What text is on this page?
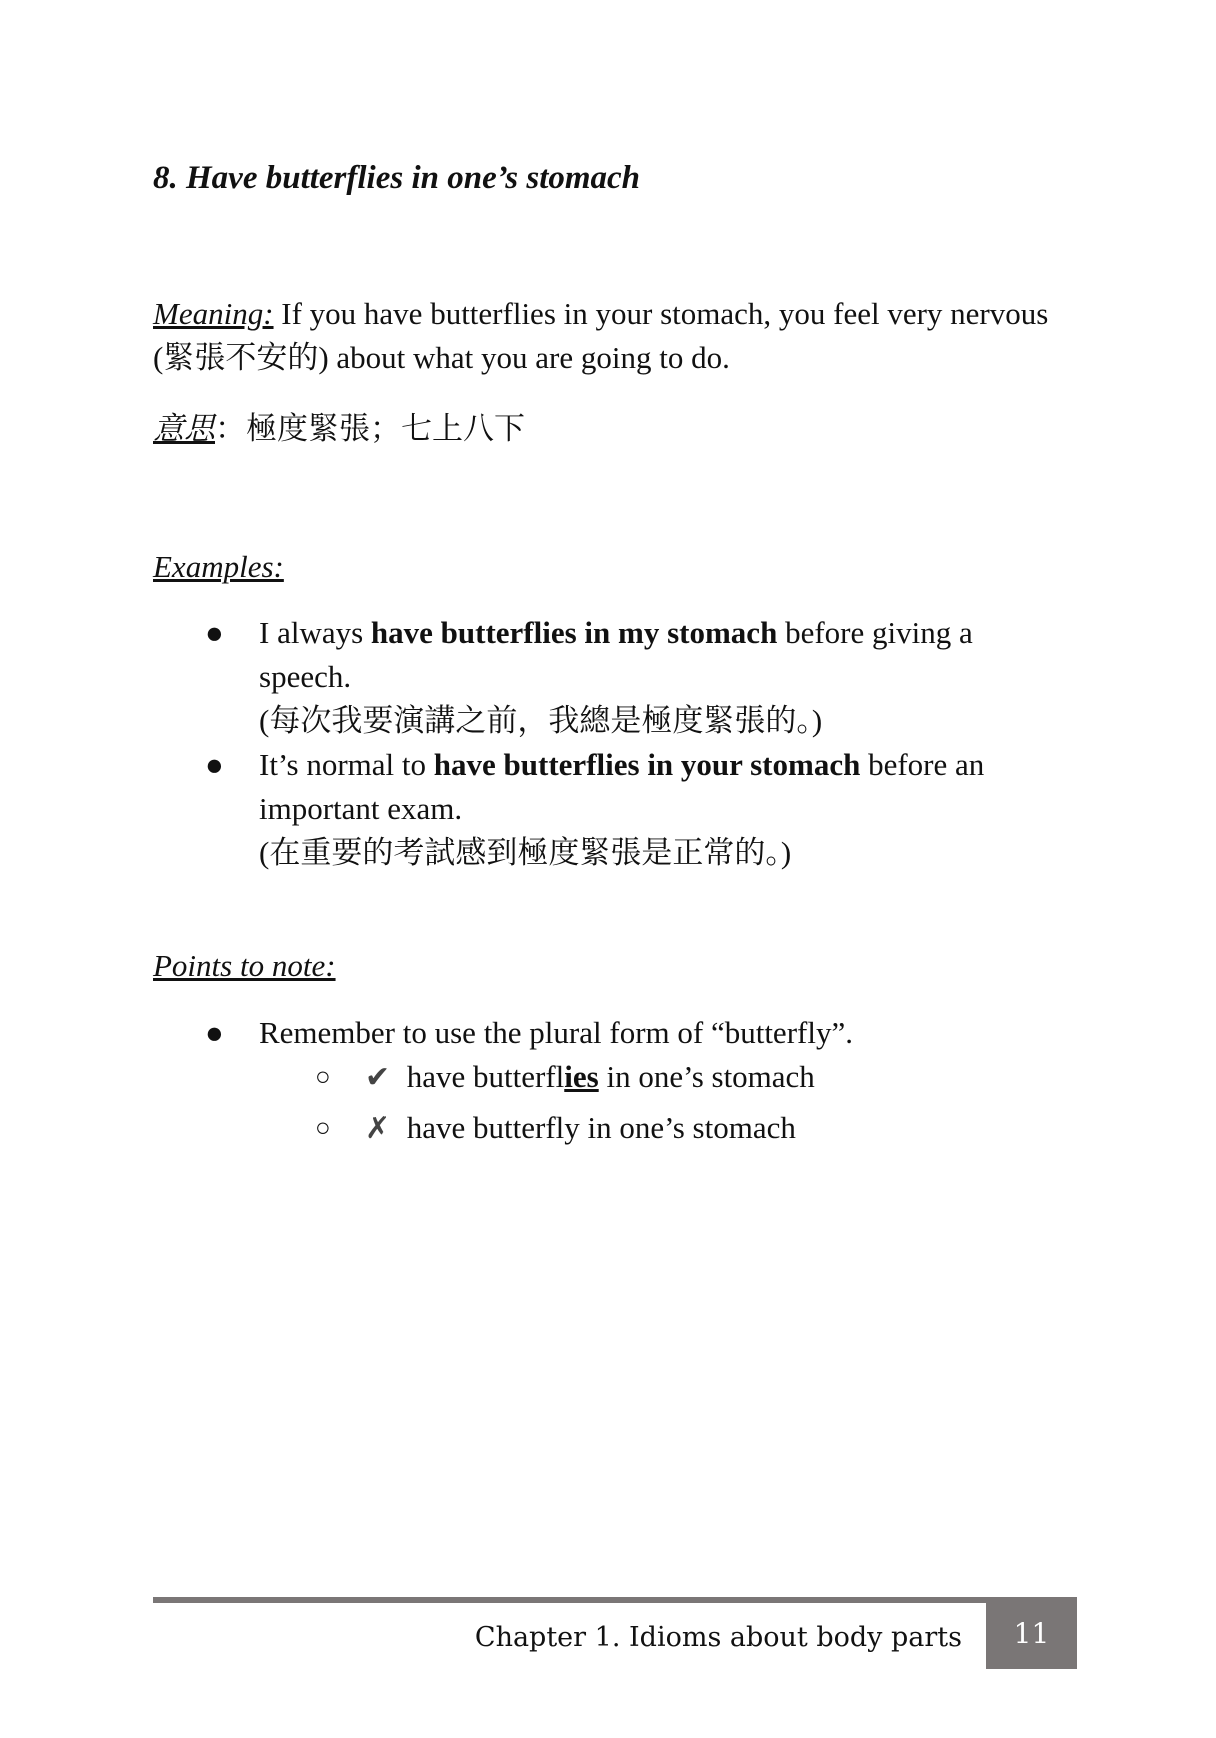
8. Have butterflies in one’s stomach

Meaning: If you have butterflies in your stomach, you feel very nervous (緊張不安的) about what you are going to do.

意思：極度緊張；七上八下

Examples:

● I always have butterflies in my stomach before giving a speech.
(每次我要演講之前，我總是極度緊張的。)
● It’s normal to have butterflies in your stomach before an important exam.
(在重要的考試感到極度緊張是正常的。)

Points to note:

● Remember to use the plural form of “butterfly”.
○ ✔ have butterflies in one’s stomach
○ ✗ have butterfly in one’s stomach
Chapter 1. Idioms about body parts 11
